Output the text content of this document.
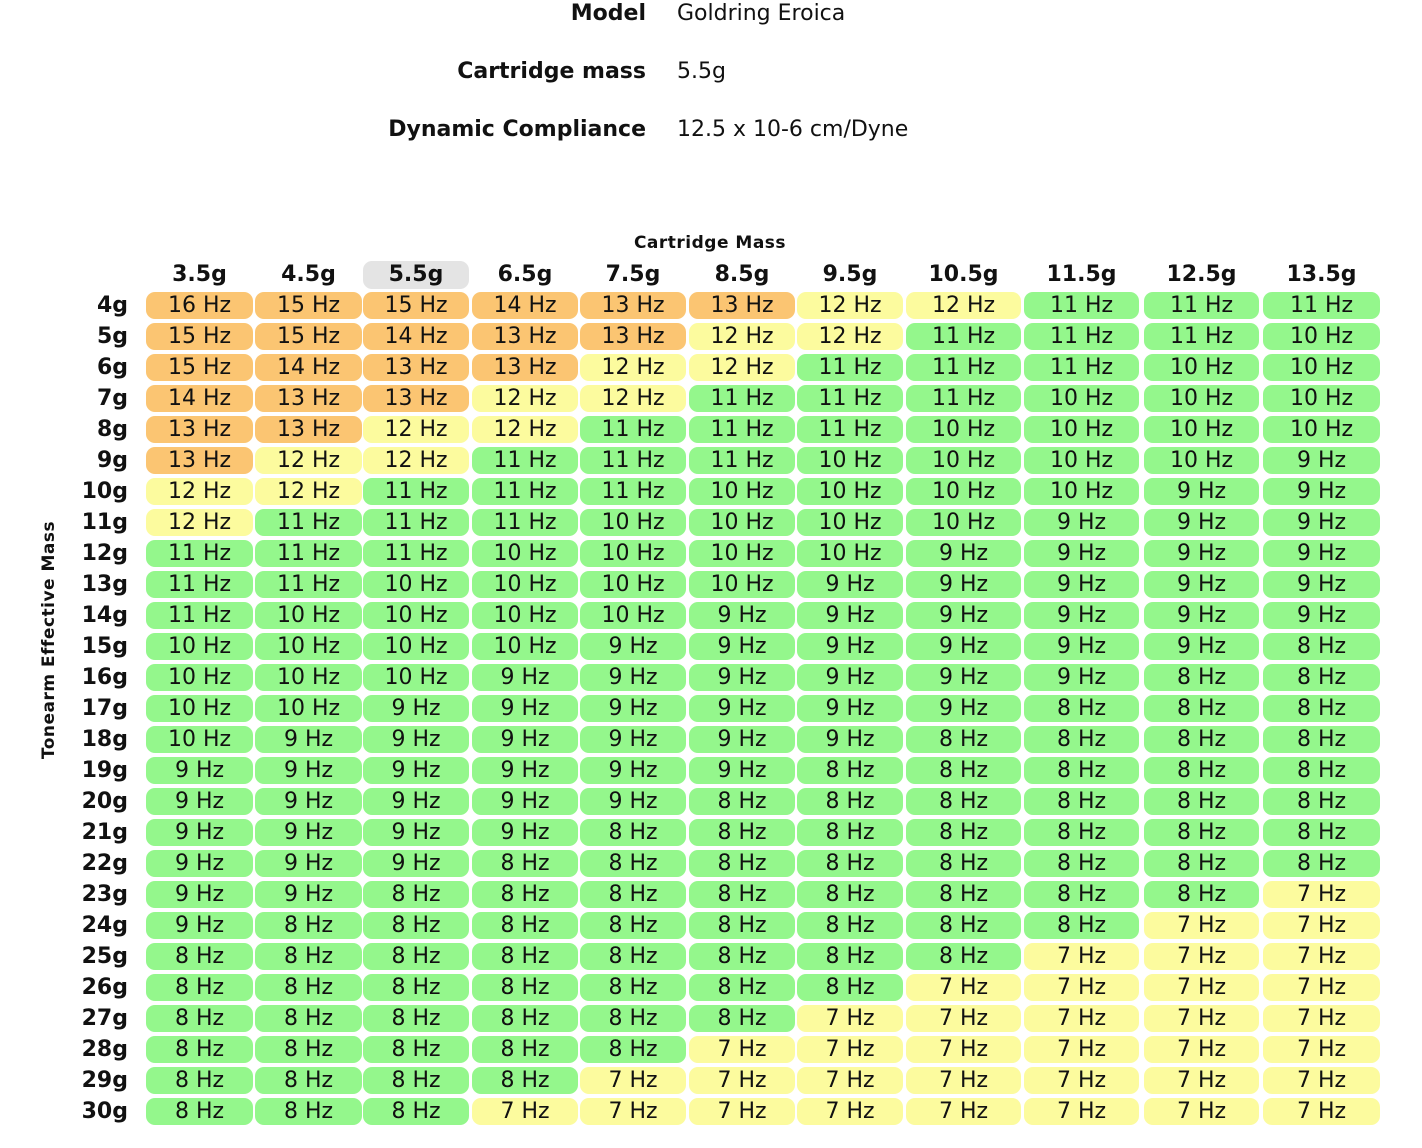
Model Goldring Eroica
Cartridge mass 5.5g
Dynamic Compliance 12.5 x 10-6 cm/Dyne
Cartridge Mass
Tonearm Effective Mass
3.5g	4.5g	5.5g	6.5g	7.5g	8.5g	9.5g	10.5g	11.5g	12.5g	13.5g
4g	16 Hz	15 Hz	15 Hz	14 Hz	13 Hz	13 Hz	12 Hz	12 Hz	11 Hz	11 Hz	11 Hz
5g	15 Hz	15 Hz	14 Hz	13 Hz	13 Hz	12 Hz	12 Hz	11 Hz	11 Hz	11 Hz	10 Hz
6g	15 Hz	14 Hz	13 Hz	13 Hz	12 Hz	12 Hz	11 Hz	11 Hz	11 Hz	10 Hz	10 Hz
7g	14 Hz	13 Hz	13 Hz	12 Hz	12 Hz	11 Hz	11 Hz	11 Hz	10 Hz	10 Hz	10 Hz
8g	13 Hz	13 Hz	12 Hz	12 Hz	11 Hz	11 Hz	11 Hz	10 Hz	10 Hz	10 Hz	10 Hz
9g	13 Hz	12 Hz	12 Hz	11 Hz	11 Hz	11 Hz	10 Hz	10 Hz	10 Hz	10 Hz	9 Hz
10g	12 Hz	12 Hz	11 Hz	11 Hz	11 Hz	10 Hz	10 Hz	10 Hz	10 Hz	9 Hz	9 Hz
11g	12 Hz	11 Hz	11 Hz	11 Hz	10 Hz	10 Hz	10 Hz	10 Hz	9 Hz	9 Hz	9 Hz
12g	11 Hz	11 Hz	11 Hz	10 Hz	10 Hz	10 Hz	10 Hz	9 Hz	9 Hz	9 Hz	9 Hz
13g	11 Hz	11 Hz	10 Hz	10 Hz	10 Hz	10 Hz	9 Hz	9 Hz	9 Hz	9 Hz	9 Hz
14g	11 Hz	10 Hz	10 Hz	10 Hz	10 Hz	9 Hz	9 Hz	9 Hz	9 Hz	9 Hz	9 Hz
15g	10 Hz	10 Hz	10 Hz	10 Hz	9 Hz	9 Hz	9 Hz	9 Hz	9 Hz	9 Hz	8 Hz
16g	10 Hz	10 Hz	10 Hz	9 Hz	9 Hz	9 Hz	9 Hz	9 Hz	9 Hz	8 Hz	8 Hz
17g	10 Hz	10 Hz	9 Hz	9 Hz	9 Hz	9 Hz	9 Hz	9 Hz	8 Hz	8 Hz	8 Hz
18g	10 Hz	9 Hz	9 Hz	9 Hz	9 Hz	9 Hz	9 Hz	8 Hz	8 Hz	8 Hz	8 Hz
19g	9 Hz	9 Hz	9 Hz	9 Hz	9 Hz	9 Hz	8 Hz	8 Hz	8 Hz	8 Hz	8 Hz
20g	9 Hz	9 Hz	9 Hz	9 Hz	9 Hz	8 Hz	8 Hz	8 Hz	8 Hz	8 Hz	8 Hz
21g	9 Hz	9 Hz	9 Hz	9 Hz	8 Hz	8 Hz	8 Hz	8 Hz	8 Hz	8 Hz	8 Hz
22g	9 Hz	9 Hz	9 Hz	8 Hz	8 Hz	8 Hz	8 Hz	8 Hz	8 Hz	8 Hz	8 Hz
23g	9 Hz	9 Hz	8 Hz	8 Hz	8 Hz	8 Hz	8 Hz	8 Hz	8 Hz	8 Hz	7 Hz
24g	9 Hz	8 Hz	8 Hz	8 Hz	8 Hz	8 Hz	8 Hz	8 Hz	8 Hz	7 Hz	7 Hz
25g	8 Hz	8 Hz	8 Hz	8 Hz	8 Hz	8 Hz	8 Hz	8 Hz	7 Hz	7 Hz	7 Hz
26g	8 Hz	8 Hz	8 Hz	8 Hz	8 Hz	8 Hz	8 Hz	7 Hz	7 Hz	7 Hz	7 Hz
27g	8 Hz	8 Hz	8 Hz	8 Hz	8 Hz	8 Hz	7 Hz	7 Hz	7 Hz	7 Hz	7 Hz
28g	8 Hz	8 Hz	8 Hz	8 Hz	8 Hz	7 Hz	7 Hz	7 Hz	7 Hz	7 Hz	7 Hz
29g	8 Hz	8 Hz	8 Hz	8 Hz	7 Hz	7 Hz	7 Hz	7 Hz	7 Hz	7 Hz	7 Hz
30g	8 Hz	8 Hz	8 Hz	7 Hz	7 Hz	7 Hz	7 Hz	7 Hz	7 Hz	7 Hz	7 Hz
